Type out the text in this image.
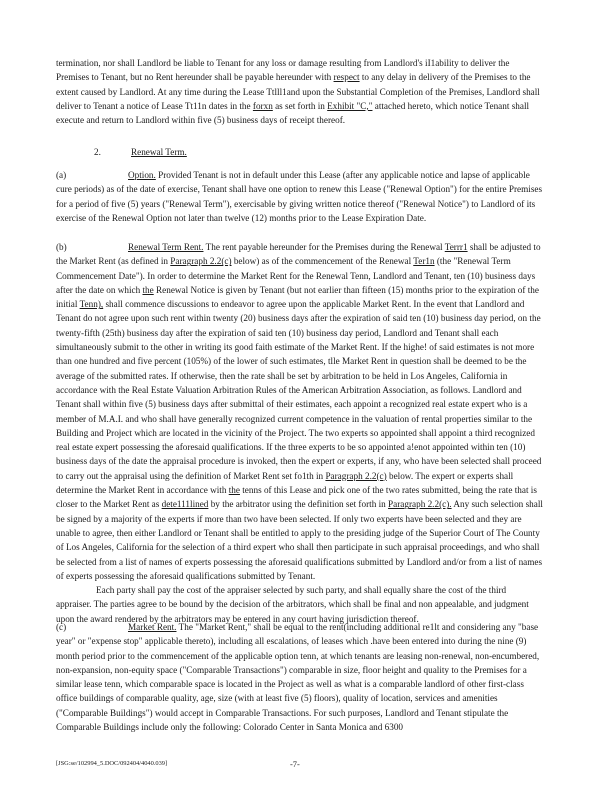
termination, nor shall Landlord be liable to Tenant for any loss or damage resulting from Landlord's iI1ability to deliver the Premises to Tenant, but no Rent hereunder shall be payable hereunder with respect to any delay in delivery of the Premises to the extent caused by Landlord. At any time during the Lease Ttlll1and upon the Substantial Completion of the Premises, Landlord shall deliver to Tenant a notice of Lease Tt11n dates in the forxn as set forth in Exhibit "C," attached hereto, which notice Tenant shall execute and return to Landlord within five (5) business days of receipt thereof.

2.	Renewal Term.

(a)	Option. Provided Tenant is not in default under this Lease (after any applicable notice and lapse of applicable cure periods) as of the date of exercise, Tenant shall have one option to renew this Lease ("Renewal Option") for the entire Premises for a period of five (5) years ("Renewal Term"), exercisable by giving written notice thereof ("Renewal Notice") to Landlord of its exercise of the Renewal Option not later than twelve (12) months prior to the Lease Expiration Date.

(b)	Renewal Term Rent. The rent payable hereunder for the Premises during the Renewal Terrr1 shall be adjusted to the Market Rent (as defined in Paragraph 2.2(c) below) as of the commencement of the Renewal Ter1n (the "Renewal Term Commencement Date"). In order to determine the Market Rent for the Renewal Tenn, Landlord and Tenant, ten (10) business days after the date on which the Renewal Notice is given by Tenant (but not earlier than fifteen (15) months prior to the expiration of the initial Tenn), shall commence discussions to endeavor to agree upon the applicable Market Rent. In the event that Landlord and Tenant do not agree upon such rent within twenty (20) business days after the expiration of said ten (10) business day period, on the twenty-fifth (25th) business day after the expiration of said ten (10) business day period, Landlord and Tenant shall each simultaneously submit to the other in writing its good faith estimate of the Market Rent. If the highe! of said estimates is not more than one hundred and five percent (105%) of the lower of such estimates, tlle Market Rent in question shall be deemed to be the average of the submitted rates. If otherwise, then the rate shall be set by arbitration to be held in Los Angeles, California in accordance with the Real Estate Valuation Arbitration Rules of the American Arbitration Association, as follows. Landlord and Tenant shall within five (5) business days after submittal of their estimates, each appoint a recognized real estate expert who is a member of M.A.I. and who shall have generally recognized current competence in the valuation of rental properties similar to the Building and Project which are located in the vicinity of the Project. The two experts so appointed shall appoint a third recognized real estate expert possessing the aforesaid qualifications. If the three experts to be so appointed a!enot appointed within ten (10) business days of the date the appraisal procedure is invoked, then the expert or experts, if any, who have been selected shall proceed to carry out the appraisal using the definition of Market Rent set fo1th in Paragraph 2.2(c) below. The expert or experts shall determine the Market Rent in accordance with the tenns of this Lease and pick one of the two rates submitted, being the rate that is closer to the Market Rent as dete111lined by the arbitrator using the definition set forth in Paragraph 2.2(c). Any such selection shall be signed by a majority of the experts if more than two have been selected. If only two experts have been selected and they are unable to agree, then either Landlord or Tenant shall be entitled to apply to the presiding judge of the Superior Court of The County of Los Angeles, California for the selection of a third expert who shall then participate in such appraisal proceedings, and who shall be selected from a list of names of experts possessing the aforesaid qualifications submitted by Landlord and/or from a list of names of experts possessing the aforesaid qualifications submitted by Tenant.
Each party shall pay the cost of the appraiser selected by such party, and shall equally share the cost of the third appraiser. The parties agree to be bound by the decision of the arbitrators, which shall be final and non appealable, and judgment upon the award rendered by the arbitrators may be entered in any court having jurisdiction thereof.

(c)	Market Rent. The "Market Rent," shall be equal to the rent(including additional re1lt and considering any "base year" or "expense stop" applicable thereto), including all escalations, of leases which .have been entered into during the nine (9) month period prior to the commencement of the applicable option tenn, at which tenants are leasing non-renewal, non-encumbered, non-expansion, non-equity space ("Comparable Transactions") comparable in size, floor height and quality to the Premises for a similar lease tenn, which comparable space is located in the Project as well as what is a comparable landlord of other first-class office buildings of comparable quality, age, size (with at least five (5) floors), quality of location, services and amenities ("Comparable Buildings") would accept in Comparable Transactions. For such purposes, Landlord and Tenant stipulate the Comparable Buildings include only the following: Colorado Center in Santa Monica and 6300

[JSG:se/102994_5.DOC/092404/4040.039]	-7-
